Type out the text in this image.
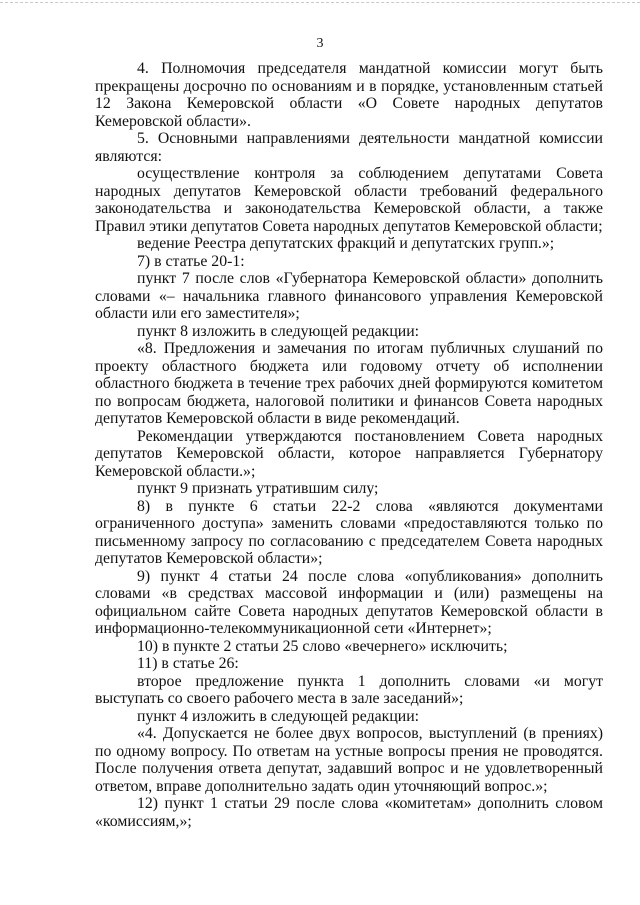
3

4. Полномочия председателя мандатной комиссии могут быть прекращены досрочно по основаниям и в порядке, установленным статьей 12 Закона Кемеровской области «О Совете народных депутатов Кемеровской области».

5. Основными направлениями деятельности мандатной комиссии являются:

осуществление контроля за соблюдением депутатами Совета народных депутатов Кемеровской области требований федерального законодательства и законодательства Кемеровской области, а также Правил этики депутатов Совета народных депутатов Кемеровской области;

ведение Реестра депутатских фракций и депутатских групп.»;

7) в статье 20-1:

пункт 7 после слов «Губернатора Кемеровской области» дополнить словами «– начальника главного финансового управления Кемеровской области или его заместителя»;

пункт 8 изложить в следующей редакции:

«8. Предложения и замечания по итогам публичных слушаний по проекту областного бюджета или годовому отчету об исполнении областного бюджета в течение трех рабочих дней формируются комитетом по вопросам бюджета, налоговой политики и финансов Совета народных депутатов Кемеровской области в виде рекомендаций.

Рекомендации утверждаются постановлением Совета народных депутатов Кемеровской области, которое направляется Губернатору Кемеровской области.»;

пункт 9 признать утратившим силу;

8) в пункте 6 статьи 22-2 слова «являются документами ограниченного доступа» заменить словами «предоставляются только по письменному запросу по согласованию с председателем Совета народных депутатов Кемеровской области»;

9) пункт 4 статьи 24 после слова «опубликования» дополнить словами «в средствах массовой информации и (или) размещены на официальном сайте Совета народных депутатов Кемеровской области в информационно-телекоммуникационной сети «Интернет»;

10) в пункте 2 статьи 25 слово «вечернего» исключить;

11) в статье 26:

второе предложение пункта 1 дополнить словами «и могут выступать со своего рабочего места в зале заседаний»;

пункт 4 изложить в следующей редакции:

«4. Допускается не более двух вопросов, выступлений (в прениях) по одному вопросу. По ответам на устные вопросы прения не проводятся. После получения ответа депутат, задавший вопрос и не удовлетворенный ответом, вправе дополнительно задать один уточняющий вопрос.»;

12) пункт 1 статьи 29 после слова «комитетам» дополнить словом «комиссиям,»;
